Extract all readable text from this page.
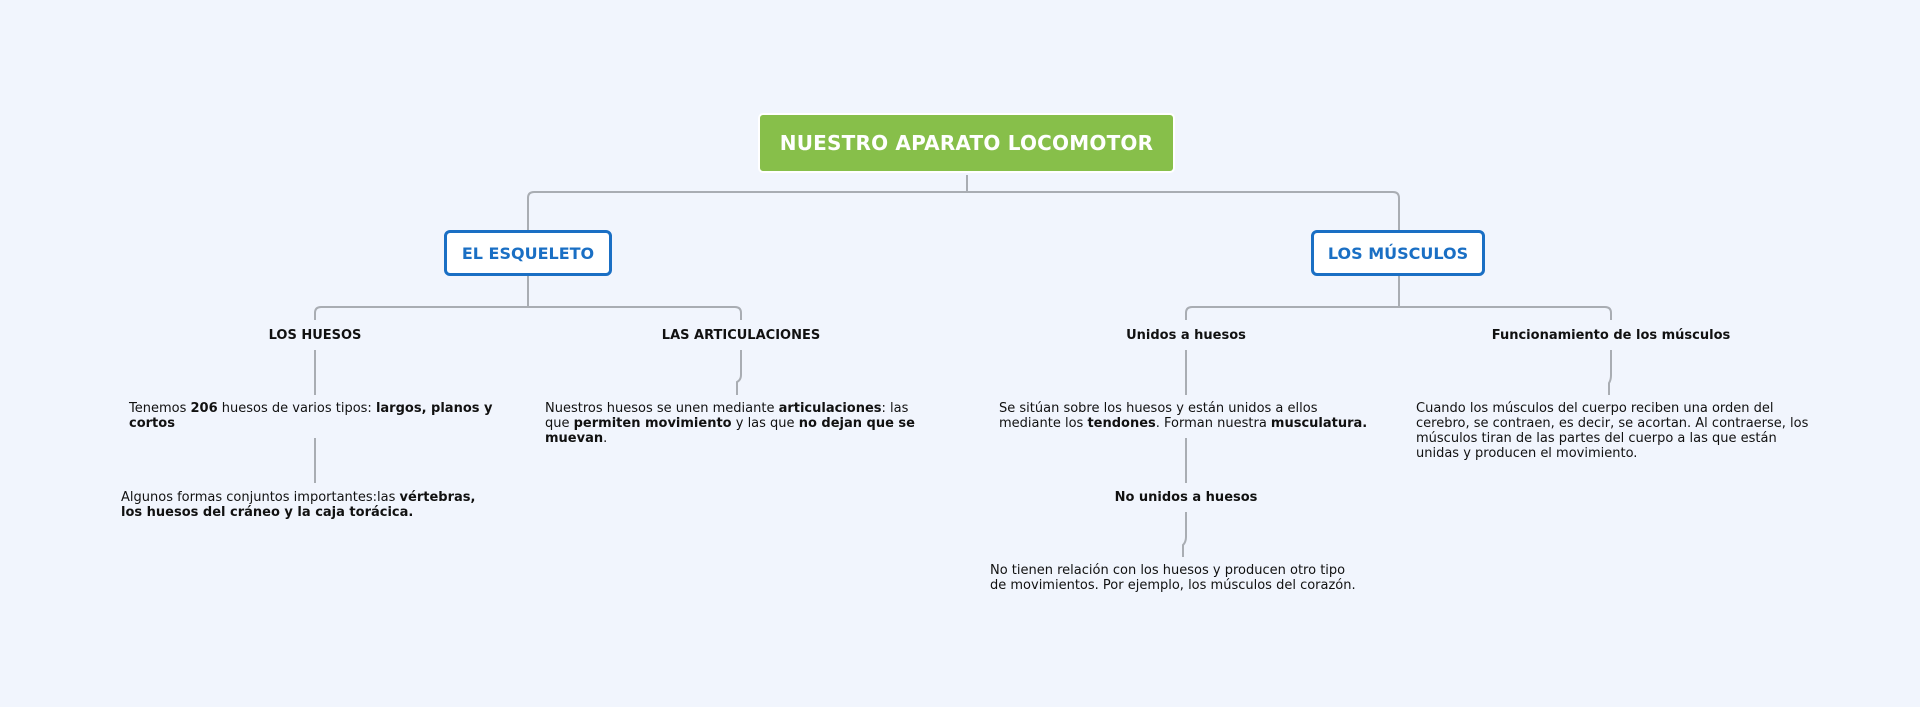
NUESTRO APARATO LOCOMOTOR
EL ESQUELETO	LOS MÚSCULOS
LOS HUESOS	LAS ARTICULACIONES	Unidos a huesos	Funcionamiento de los músculos
No unidos a huesos
Tenemos 206 huesos de varios tipos: largos, planos y cortos
Algunos formas conjuntos importantes:las vértebras, los huesos del cráneo y la caja torácica.
Nuestros huesos se unen mediante articulaciones: las que permiten movimiento y las que no dejan que se muevan.
Se sitúan sobre los huesos y están unidos a ellos mediante los tendones. Forman nuestra musculatura.
No tienen relación con los huesos y producen otro tipo de movimientos. Por ejemplo, los músculos del corazón.
Cuando los músculos del cuerpo reciben una orden del cerebro, se contraen, es decir, se acortan. Al contraerse, los músculos tiran de las partes del cuerpo a las que están unidas y producen el movimiento.
